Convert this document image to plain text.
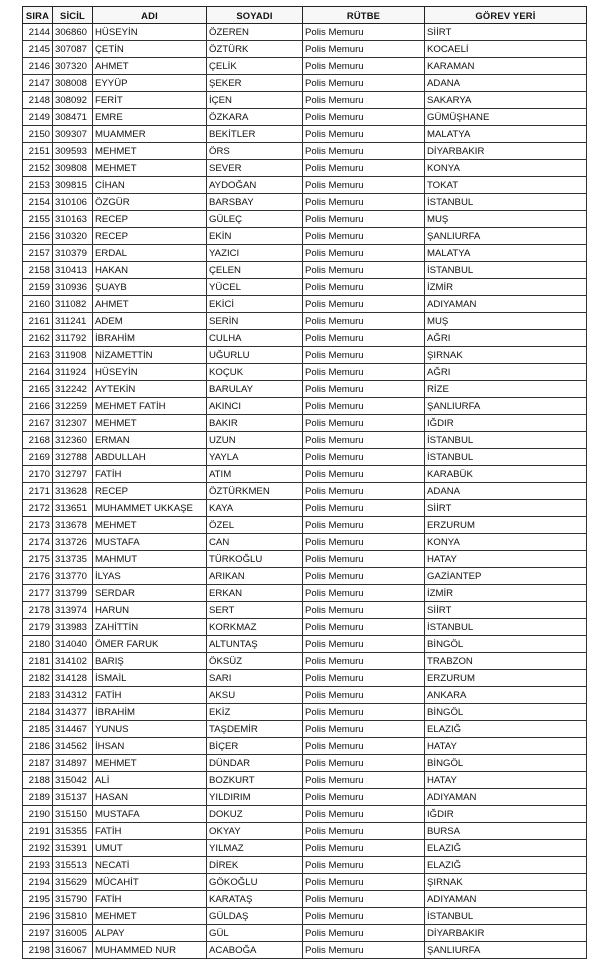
SIRA	SİCİL	ADI	SOYADI	RÜTBE	GÖREV YERİ
2144	306860	HÜSEYİN	ÖZEREN	Polis Memuru	SİİRT
2145	307087	ÇETİN	ÖZTÜRK	Polis Memuru	KOCAELİ
2146	307320	AHMET	ÇELİK	Polis Memuru	KARAMAN
2147	308008	EYYÜP	ŞEKER	Polis Memuru	ADANA
2148	308092	FERİT	İÇEN	Polis Memuru	SAKARYA
2149	308471	EMRE	ÖZKARA	Polis Memuru	GÜMÜŞHANE
2150	309307	MUAMMER	BEKİTLER	Polis Memuru	MALATYA
2151	309593	MEHMET	ÖRS	Polis Memuru	DİYARBAKIR
2152	309808	MEHMET	SEVER	Polis Memuru	KONYA
2153	309815	CİHAN	AYDOĞAN	Polis Memuru	TOKAT
2154	310106	ÖZGÜR	BARSBAY	Polis Memuru	İSTANBUL
2155	310163	RECEP	GÜLEÇ	Polis Memuru	MUŞ
2156	310320	RECEP	EKİN	Polis Memuru	ŞANLIURFA
2157	310379	ERDAL	YAZICI	Polis Memuru	MALATYA
2158	310413	HAKAN	ÇELEN	Polis Memuru	İSTANBUL
2159	310936	ŞUAYB	YÜCEL	Polis Memuru	İZMİR
2160	311082	AHMET	EKİCİ	Polis Memuru	ADIYAMAN
2161	311241	ADEM	SERİN	Polis Memuru	MUŞ
2162	311792	İBRAHİM	CULHA	Polis Memuru	AĞRI
2163	311908	NİZAMETTİN	UĞURLU	Polis Memuru	ŞIRNAK
2164	311924	HÜSEYİN	KOÇUK	Polis Memuru	AĞRI
2165	312242	AYTEKİN	BARULAY	Polis Memuru	RİZE
2166	312259	MEHMET FATİH	AKINCI	Polis Memuru	ŞANLIURFA
2167	312307	MEHMET	BAKIR	Polis Memuru	IĞDIR
2168	312360	ERMAN	UZUN	Polis Memuru	İSTANBUL
2169	312788	ABDULLAH	YAYLA	Polis Memuru	İSTANBUL
2170	312797	FATİH	ATIM	Polis Memuru	KARABÜK
2171	313628	RECEP	ÖZTÜRKMEN	Polis Memuru	ADANA
2172	313651	MUHAMMET UKKAŞE	KAYA	Polis Memuru	SİİRT
2173	313678	MEHMET	ÖZEL	Polis Memuru	ERZURUM
2174	313726	MUSTAFA	CAN	Polis Memuru	KONYA
2175	313735	MAHMUT	TÜRKOĞLU	Polis Memuru	HATAY
2176	313770	İLYAS	ARIKAN	Polis Memuru	GAZİANTEP
2177	313799	SERDAR	ERKAN	Polis Memuru	İZMİR
2178	313974	HARUN	SERT	Polis Memuru	SİİRT
2179	313983	ZAHİTTİN	KORKMAZ	Polis Memuru	İSTANBUL
2180	314040	ÖMER FARUK	ALTUNTAŞ	Polis Memuru	BİNGÖL
2181	314102	BARIŞ	ÖKSÜZ	Polis Memuru	TRABZON
2182	314128	İSMAİL	SARI	Polis Memuru	ERZURUM
2183	314312	FATİH	AKSU	Polis Memuru	ANKARA
2184	314377	İBRAHİM	EKİZ	Polis Memuru	BİNGÖL
2185	314467	YUNUS	TAŞDEMİR	Polis Memuru	ELAZIĞ
2186	314562	İHSAN	BİÇER	Polis Memuru	HATAY
2187	314897	MEHMET	DÜNDAR	Polis Memuru	BİNGÖL
2188	315042	ALİ	BOZKURT	Polis Memuru	HATAY
2189	315137	HASAN	YILDIRIM	Polis Memuru	ADIYAMAN
2190	315150	MUSTAFA	DOKUZ	Polis Memuru	IĞDIR
2191	315355	FATİH	OKYAY	Polis Memuru	BURSA
2192	315391	UMUT	YILMAZ	Polis Memuru	ELAZIĞ
2193	315513	NECATİ	DİREK	Polis Memuru	ELAZIĞ
2194	315629	MÜCAHİT	GÖKOĞLU	Polis Memuru	ŞIRNAK
2195	315790	FATİH	KARATAŞ	Polis Memuru	ADIYAMAN
2196	315810	MEHMET	GÜLDAŞ	Polis Memuru	İSTANBUL
2197	316005	ALPAY	GÜL	Polis Memuru	DİYARBAKIR
2198	316067	MUHAMMED NUR	ACABOĞA	Polis Memuru	ŞANLIURFA
